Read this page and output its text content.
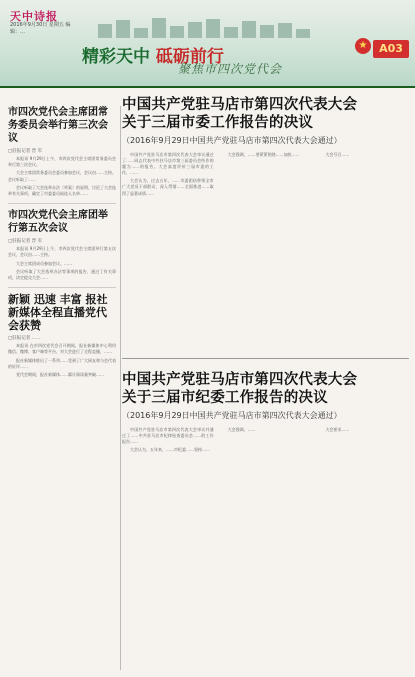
天中诗报
2016年9月30日 星期五 编辑：…
精彩天中 砥砺前行
聚焦市四次党代会
★	A03
市四次党代会主席团常务委员会举行第三次会议
□驻报记者 晋 军

本报讯 9月29日上午，市四次党代会主席团常务委员会举行第三次会议。

大会主席团常务委员会委员参加会议，会议由……主持。会议听取了……

会议听取了大会选举办法（草案）的说明，讨论了大会选举有关事项，确定了市委委员候选人名单……

市四次党代会主席团举行第五次会议
□驻报记者 晋 军

本报讯 9月29日上午，市四次党代会主席团举行第五次会议，会议由……主持。

大会主席团成员参加会议。……

会议听取了大会选举办法等事项的报告，通过了有关事项，决定提交大会……

新颖 迅速 丰富 报社新媒体全程直播党代会获赞
□驻报记者 ……

本报讯 在市四次党代会召开期间，报社新媒体中心利用微信、微博、客户端等平台，对大会进行了全程直播，……

报社新媒体推出了一系列……受到了广大网友和与会代表的好评……

党代会期间，报社新媒体……累计阅读量突破……

中国共产党驻马店市第四次代表大会
关于三届市委工作报告的决议
（2016年9月29日中国共产党驻马店市第四次代表大会通过）

中国共产党驻马店市第四次代表大会审议通过了……同志代表中共驻马店市第三届委员会所作的题为……的报告。大会高度评价三届市委的工作，……

大会认为，过去五年，……市委团结带领全市广大党员干部群众，深入贯彻……全面推进……取得了显著成绩……

大会强调，……要紧紧围绕……加快……	大会号召……

中国共产党驻马店市第四次代表大会
关于三届市纪委工作报告的决议
（2016年9月29日中国共产党驻马店市第四次代表大会通过）

中国共产党驻马店市第四次代表大会审议并通过了……中共驻马店市纪律检查委员会……的工作报告……

大会认为，五年来，……市纪委……坚持……

大会强调，……	大会要求……
